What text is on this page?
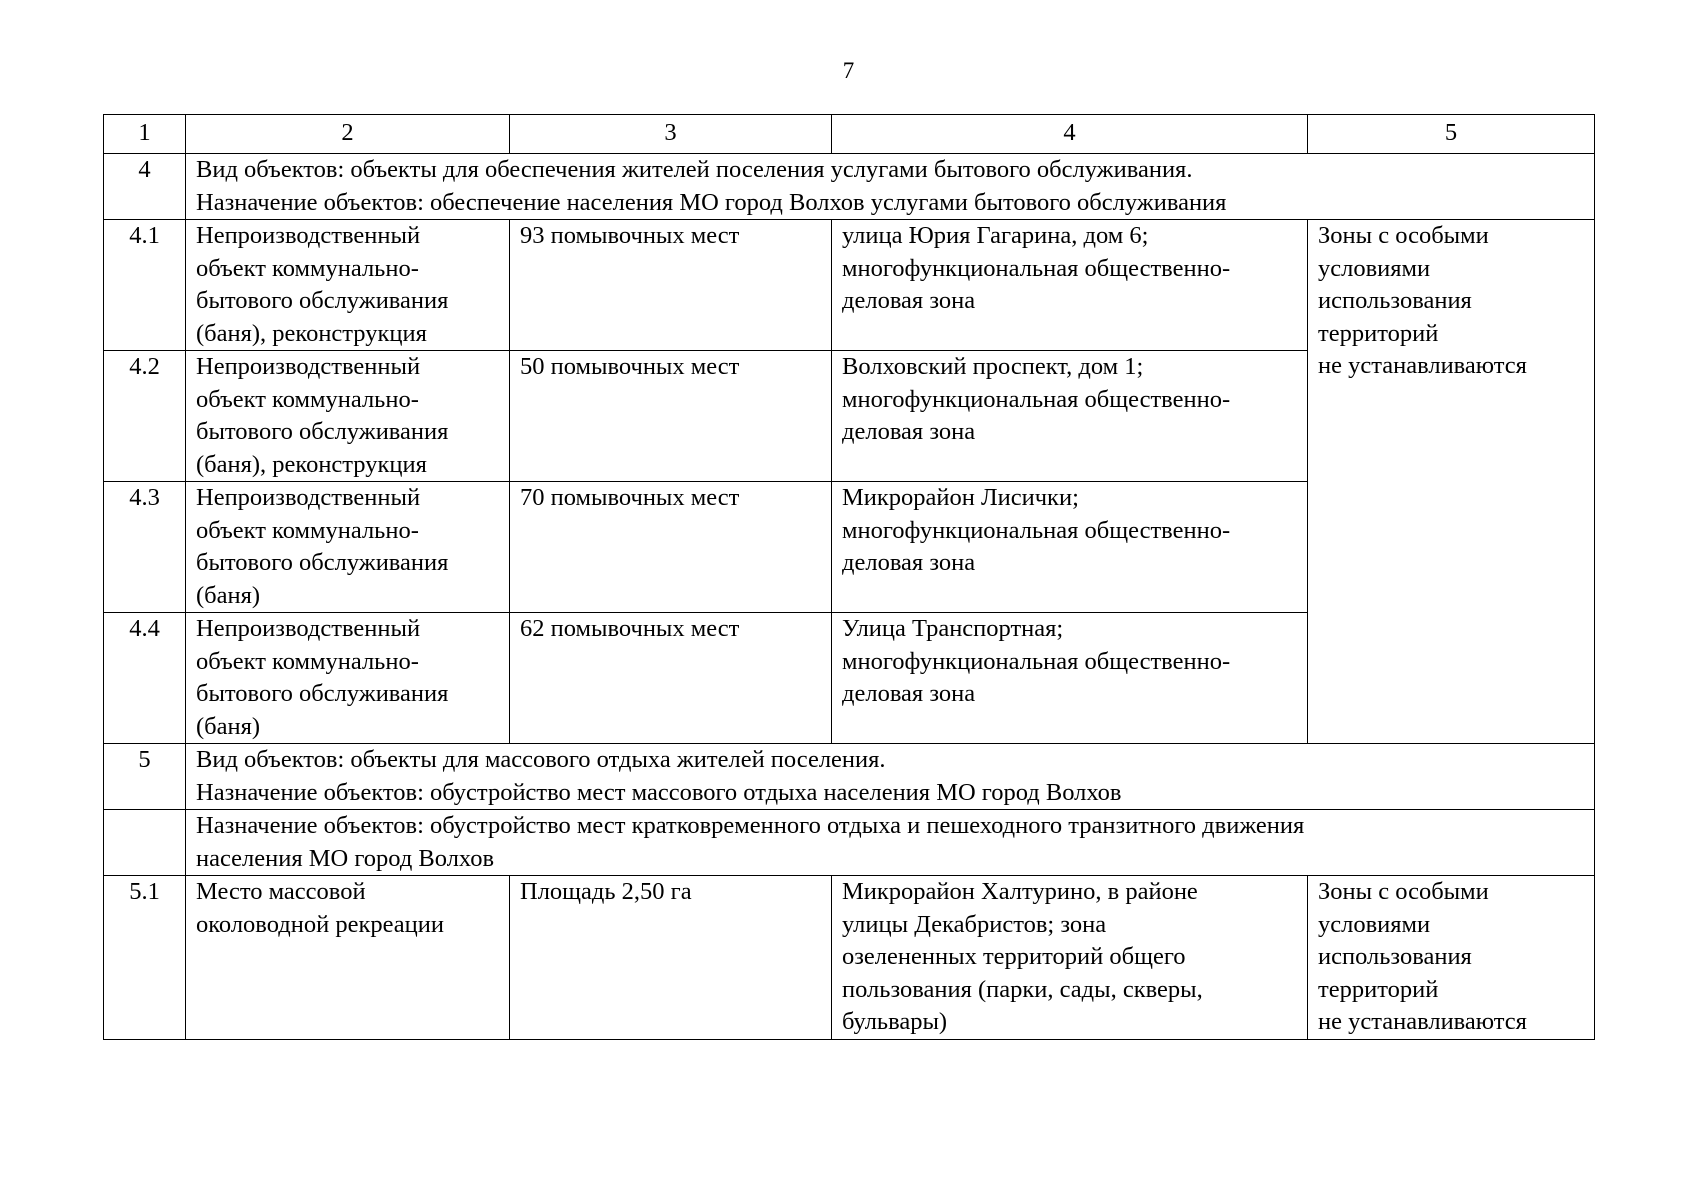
7
1	2	3	4	5
4	Вид объектов: объекты для обеспечения жителей поселения услугами бытового обслуживания.
Назначение объектов: обеспечение населения МО город Волхов услугами бытового обслуживания			

4.1	Непроизводственный
объект коммунально-
бытового обслуживания
(баня), реконструкция	93 помывочных мест	улица Юрия Гагарина, дом 6;
многофункциональная общественно-
деловая зона	Зоны с особыми
условиями
использования
территорий
не устанавливаются

4.2	Непроизводственный
объект коммунально-
бытового обслуживания
(баня), реконструкция	50 помывочных мест	Волховский проспект, дом 1;
многофункциональная общественно-
деловая зона	

4.3	Непроизводственный
объект коммунально-
бытового обслуживания
(баня)	70 помывочных мест	Микрорайон Лисички;
многофункциональная общественно-
деловая зона	

4.4	Непроизводственный
объект коммунально-
бытового обслуживания
(баня)	62 помывочных мест	Улица Транспортная;
многофункциональная общественно-
деловая зона	

5	Вид объектов: объекты для массового отдыха жителей поселения.
Назначение объектов: обустройство мест массового отдыха населения МО город Волхов			

	Назначение объектов: обустройство мест кратковременного отдыха и пешеходного транзитного движения
населения МО город Волхов			

5.1	Место массовой
околоводной рекреации	Площадь 2,50 га	Микрорайон Халтурино, в районе
улицы Декабристов; зона
озелененных территорий общего
пользования (парки, сады, скверы,
бульвары)	Зоны с особыми
условиями
использования
территорий
не устанавливаются
